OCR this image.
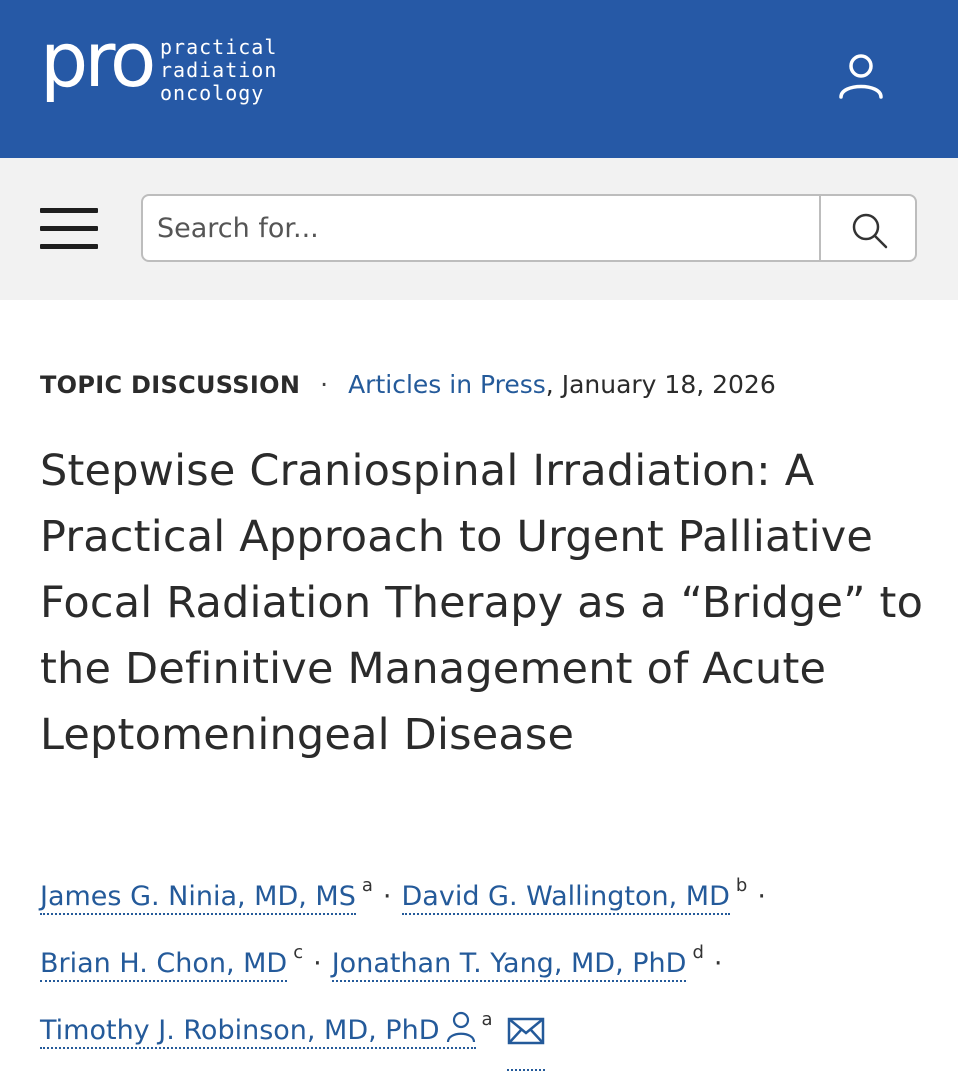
pro practical
radiation
oncology
Search for...
TOPIC DISCUSSION · Articles in Press, January 18, 2026
Stepwise Craniospinal Irradiation: A Practical Approach to Urgent Palliative Focal Radiation Therapy as a “Bridge” to the Definitive Management of Acute Leptomeningeal Disease
James G. Ninia, MD, MS $^a$ · David G. Wallington, MD $^b$ ·
Brian H. Chon, MD $^c$ · Jonathan T. Yang, MD, PhD $^d$ ·
Timothy J. Robinson, MD, PhD $^a$
